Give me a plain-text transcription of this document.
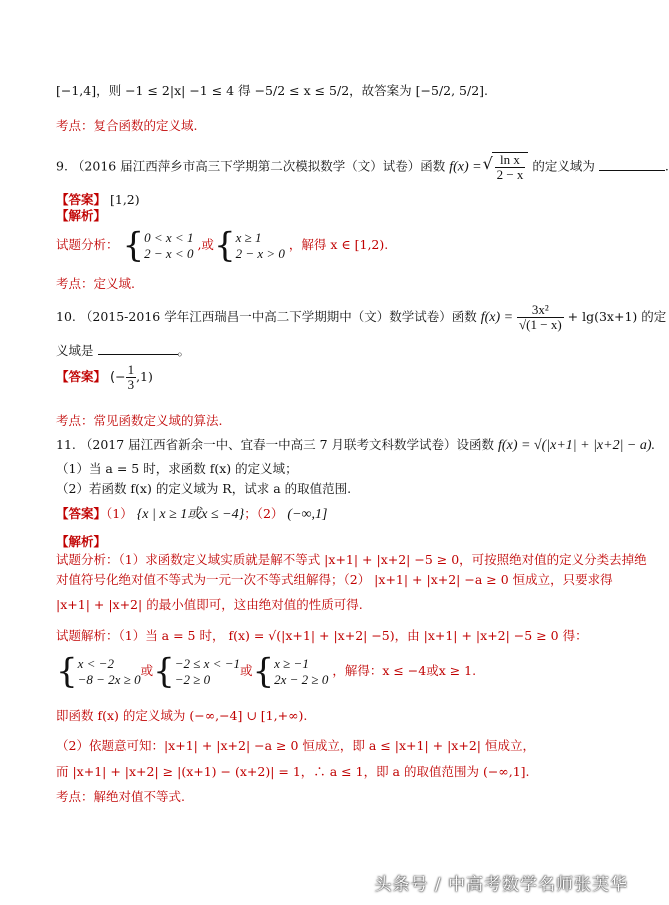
[−1,4]，则 −1 ≤ 2|x| −1 ≤ 4 得 −5/2 ≤ x ≤ 5/2，故答案为 [−5/2, 5/2].
考点：复合函数的定义域.
9. （2016 届江西萍乡市高三下学期第二次模拟数学（文）试卷）函数 f(x) =
√ $\frac{\text{ln x}}{2 - x}$ 的定义域为	.
【答案】 [1,2)
【解析】
试题分析： { 0 < x < 1
2 − x < 0
,或{ x ≥ 1
2 − x > 0
，解得 x ∈ [1,2).
考点：定义域.
10. （2015-2016 学年江西瑞昌一中高二下学期期中（文）数学试卷）函数 $f(x) = \frac{\text{3x²}}{√(1 - x)} + \lg(3x+1)$ 的定
义域是	。
【答案】 (− $\frac{1}{3} ,1$)
考点：常见函数定义域的算法.
11. （2017 届江西省新余一中、宜春一中高三 7 月联考文科数学试卷）设函数 f(x) = √(|x+1| + |x+2| − a).
（1）当 a = 5 时，求函数 f(x) 的定义域；
（2）若函数 f(x) 的定义域为 R，试求 a 的取值范围.
【答案】（1） {x | x ≥ 1或x ≤ −4}；（2） (−∞,1]
【解析】
试题分析：（1）求函数定义域实质就是解不等式 |x+1| + |x+2| −5 ≥ 0，可按照绝对值的定义分类去掉绝
对值符号化绝对值不等式为一元一次不等式组解得；（2） |x+1| + |x+2| −a ≥ 0 恒成立，只要求得
|x+1| + |x+2| 的最小值即可，这由绝对值的性质可得.
试题解析：（1）当 a = 5 时， f(x) = √(|x+1| + |x+2| −5)，由 |x+1| + |x+2| −5 ≥ 0 得：
{ x < −2
−8 − 2x ≥ 0
或{ −2 ≤ x < −1
−2 ≥ 0
或{ x ≥ −1
2x − 2 ≥ 0
，解得：x ≤ −4或x ≥ 1.
即函数 f(x) 的定义域为 (−∞,−4] ∪ [1,+∞).
（2）依题意可知：|x+1| + |x+2| −a ≥ 0 恒成立，即 a ≤ |x+1| + |x+2| 恒成立，
而 |x+1| + |x+2| ≥ |(x+1) − (x+2)| = 1，∴ a ≤ 1，即 a 的取值范围为 (−∞,1].
考点：解绝对值不等式.
头条号 / 中高考数学名师张芙华
